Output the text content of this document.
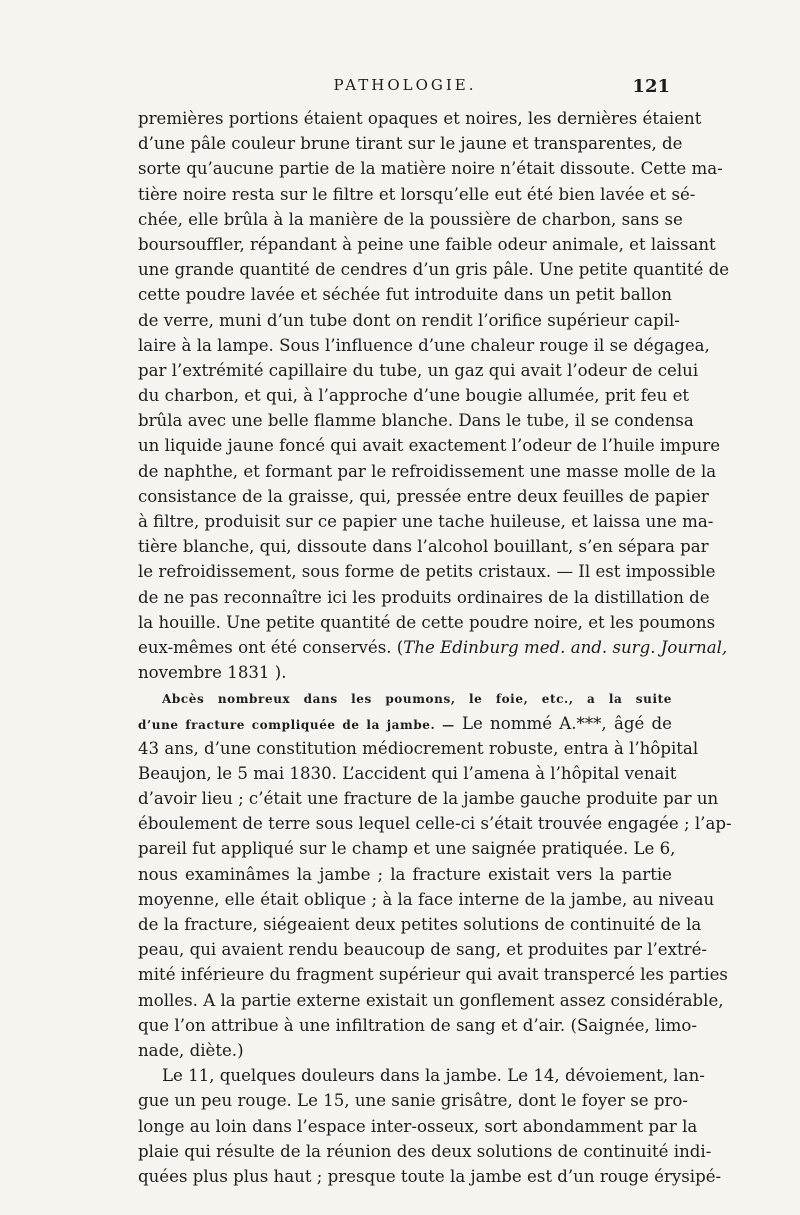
PATHOLOGIE.	121
premières portions étaient opaques et noires, les dernières étaient
d’une pâle couleur brune tirant sur le jaune et transparentes, de
sorte qu’aucune partie de la matière noire n’était dissoute. Cette ma-
tière noire resta sur le filtre et lorsqu’elle eut été bien lavée et sé-
chée, elle brûla à la manière de la poussière de charbon, sans se
boursouffler, répandant à peine une faible odeur animale, et laissant
une grande quantité de cendres d’un gris pâle. Une petite quantité de
cette poudre lavée et séchée fut introduite dans un petit ballon
de verre, muni d’un tube dont on rendit l’orifice supérieur capil-
laire à la lampe. Sous l’influence d’une chaleur rouge il se dégagea,
par l’extrémité capillaire du tube, un gaz qui avait l’odeur de celui
du charbon, et qui, à l’approche d’une bougie allumée, prit feu et
brûla avec une belle flamme blanche. Dans le tube, il se condensa
un liquide jaune foncé qui avait exactement l’odeur de l’huile impure
de naphthe, et formant par le refroidissement une masse molle de la
consistance de la graisse, qui, pressée entre deux feuilles de papier
à filtre, produisit sur ce papier une tache huileuse, et laissa une ma-
tière blanche, qui, dissoute dans l’alcohol bouillant, s’en sépara par
le refroidissement, sous forme de petits cristaux. — Il est impossible
de ne pas reconnaître ici les produits ordinaires de la distillation de
la houille. Une petite quantité de cette poudre noire, et les poumons
eux-mêmes ont été conservés. (The Edinburg med. and. surg. Journal,
novembre 1831 ).
Abcès nombreux dans les poumons, le foie, etc., a la suite
d’une fracture compliquée de la jambe. — Le nommé A.***, âgé de
43 ans, d’une constitution médiocrement robuste, entra à l’hôpital
Beaujon, le 5 mai 1830. L’accident qui l’amena à l’hôpital venait
d’avoir lieu ; c’était une fracture de la jambe gauche produite par un
éboulement de terre sous lequel celle-ci s’était trouvée engagée ; l’ap-
pareil fut appliqué sur le champ et une saignée pratiquée. Le 6,
nous examinâmes la jambe ; la fracture existait vers la partie
moyenne, elle était oblique ; à la face interne de la jambe, au niveau
de la fracture, siégeaient deux petites solutions de continuité de la
peau, qui avaient rendu beaucoup de sang, et produites par l’extré-
mité inférieure du fragment supérieur qui avait transpercé les parties
molles. A la partie externe existait un gonflement assez considérable,
que l’on attribue à une infiltration de sang et d’air. (Saignée, limo-
nade, diète.)
Le 11, quelques douleurs dans la jambe. Le 14, dévoiement, lan-
gue un peu rouge. Le 15, une sanie grisâtre, dont le foyer se pro-
longe au loin dans l’espace inter-osseux, sort abondamment par la
plaie qui résulte de la réunion des deux solutions de continuité indi-
quées plus plus haut ; presque toute la jambe est d’un rouge érysipé-
